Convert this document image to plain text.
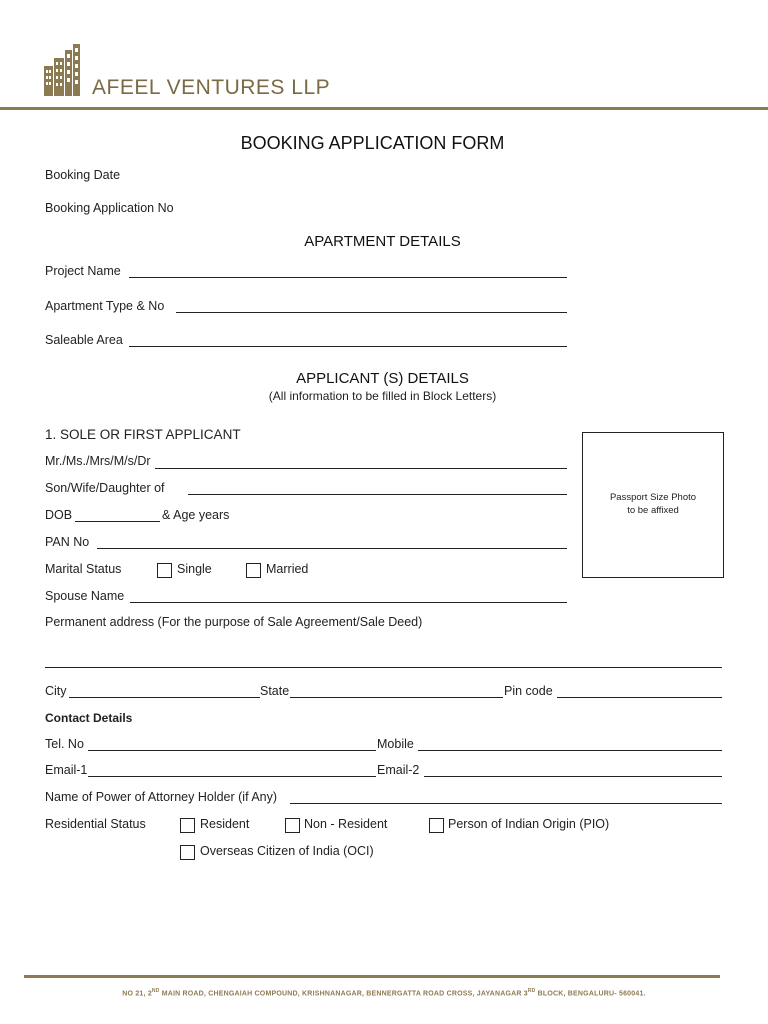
AFEEL VENTURES LLP
BOOKING APPLICATION FORM
Booking Date
Booking Application No
APARTMENT DETAILS
Project Name
Apartment Type & No
Saleable Area
APPLICANT (S) DETAILS
(All information to be filled in Block Letters)
1. SOLE OR FIRST APPLICANT
Mr./Ms./Mrs/M/s/Dr
Son/Wife/Daughter of
DOB	& Age years
PAN No
Marital Status	Single	Married
Spouse Name
Permanent address (For the purpose of Sale Agreement/Sale Deed)
Passport Size Photo
to be affixed
City	State	Pin code
Contact Details
Tel. No	Mobile
Email-1	Email-2
Name of Power of Attorney Holder (if Any)
Residential Status	Resident	Non - Resident	Person of Indian Origin (PIO)
Overseas Citizen of India (OCI)
NO 21, 2ND MAIN ROAD, CHENGAIAH COMPOUND, KRISHNANAGAR, BENNERGATTA ROAD CROSS, JAYANAGAR 3RD BLOCK, BENGALURU- 560041.
